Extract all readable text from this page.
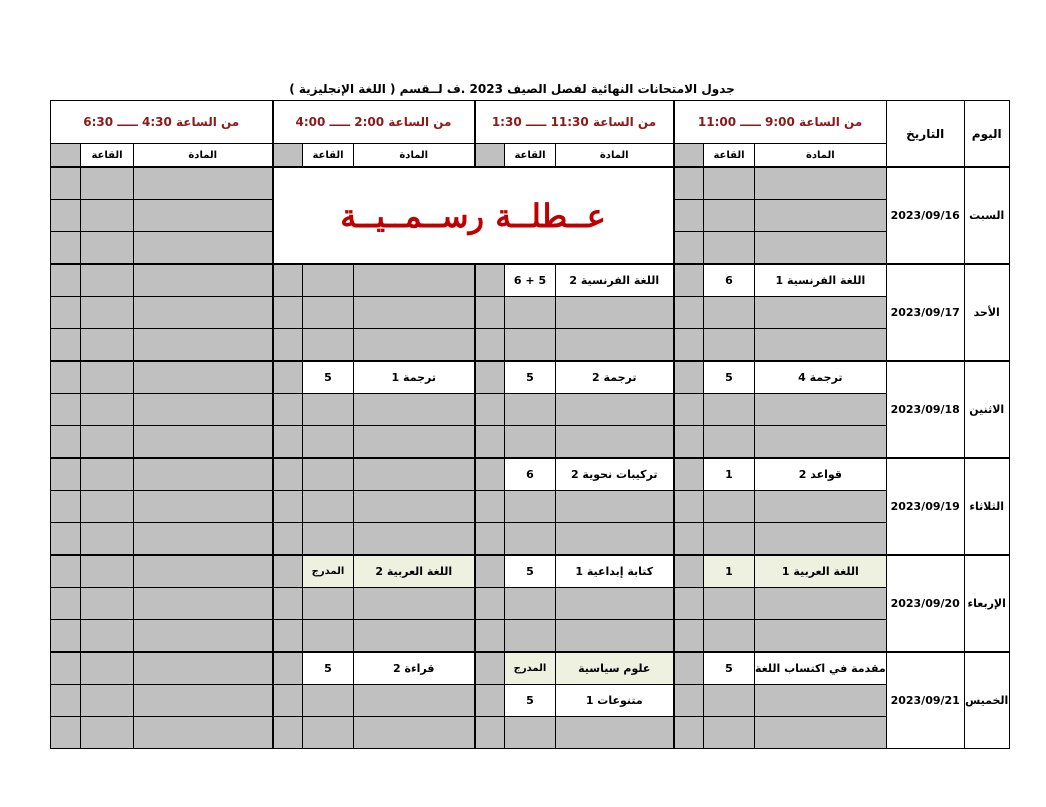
جدول الامتحانات النهائية لفصل الصيف 2023 .ف لــقسم ( اللغة الإنجليزية )
اليوم	التاريخ	من الساعة 9:00 ـــــ 11:00			من الساعة 11:30 ـــــ 1:30			من الساعة 2:00 ـــــ 4:00			من الساعة 4:30 ـــــ 6:30		
		المادة	القاعة		المادة	القاعة		المادة	القاعة		المادة	القاعة	
السبت	2023/09/16				عــطلــة رســمــيــة								

الأحد	2023/09/17	اللغة الفرنسية 1	6		اللغة الفرنسية 2	5 + 6							

الاثنين	2023/09/18	ترجمة 4	5		ترجمة 2	5		ترجمة 1	5				

الثلاثاء	2023/09/19	قواعد 2	1		تركيبات نحوية 2	6							

الإربعاء	2023/09/20	اللغة العربية 1	1		كتابة إبداعية 1	5		اللغة العربية 2	المدرج				

الخميس	2023/09/21	مقدمة في اكتساب اللغة	5		علوم سياسية	المدرج		قراءة 2	5				
					متنوعات 1	5							
